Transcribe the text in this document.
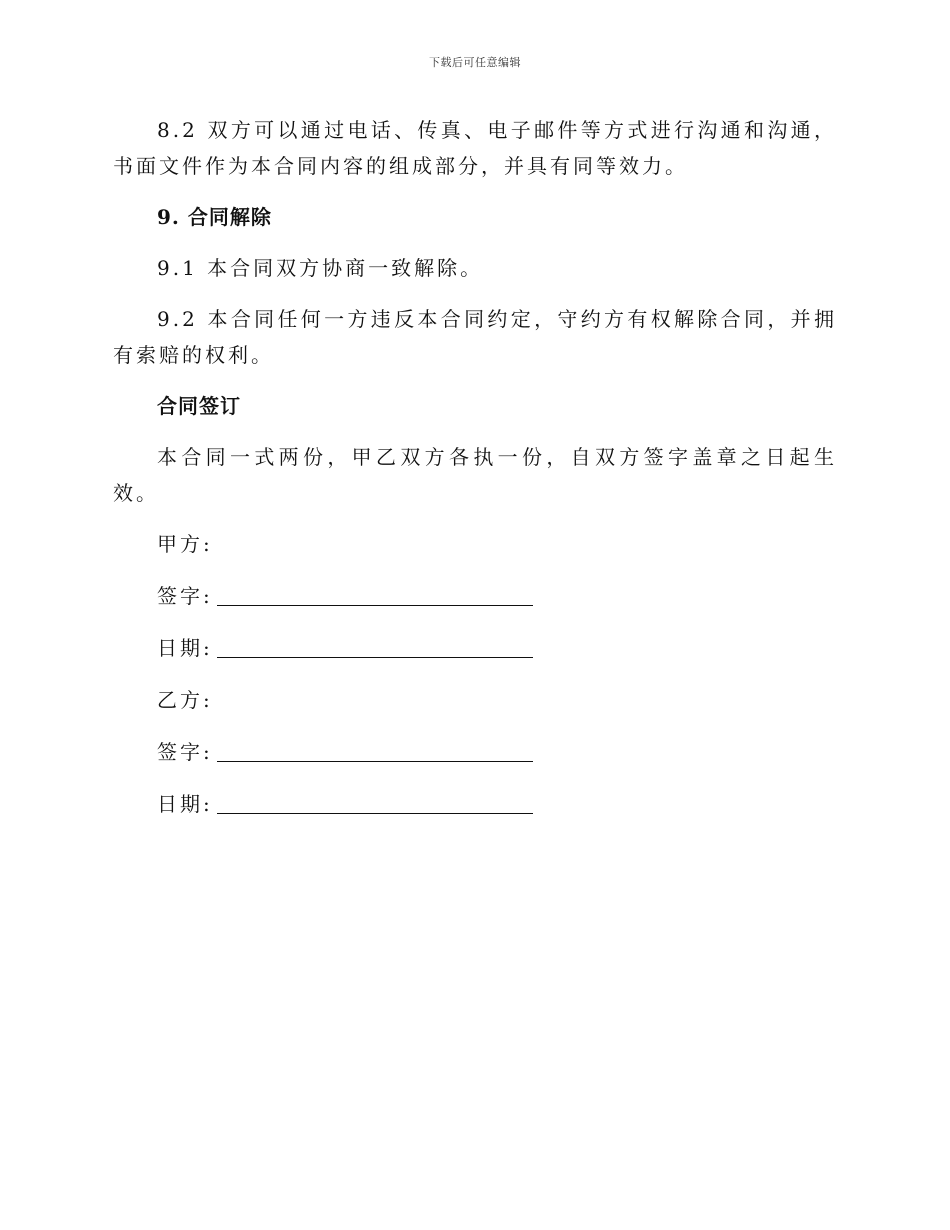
下载后可任意编辑

8.2 双方可以通过电话、传真、电子邮件等方式进行沟通和沟通，书面文件作为本合同内容的组成部分，并具有同等效力。

9. 合同解除

9.1 本合同双方协商一致解除。

9.2 本合同任何一方违反本合同约定，守约方有权解除合同，并拥有索赔的权利。

合同签订

本合同一式两份，甲乙双方各执一份，自双方签字盖章之日起生效。

甲方:
签字:
日期:
乙方:
签字:
日期:
